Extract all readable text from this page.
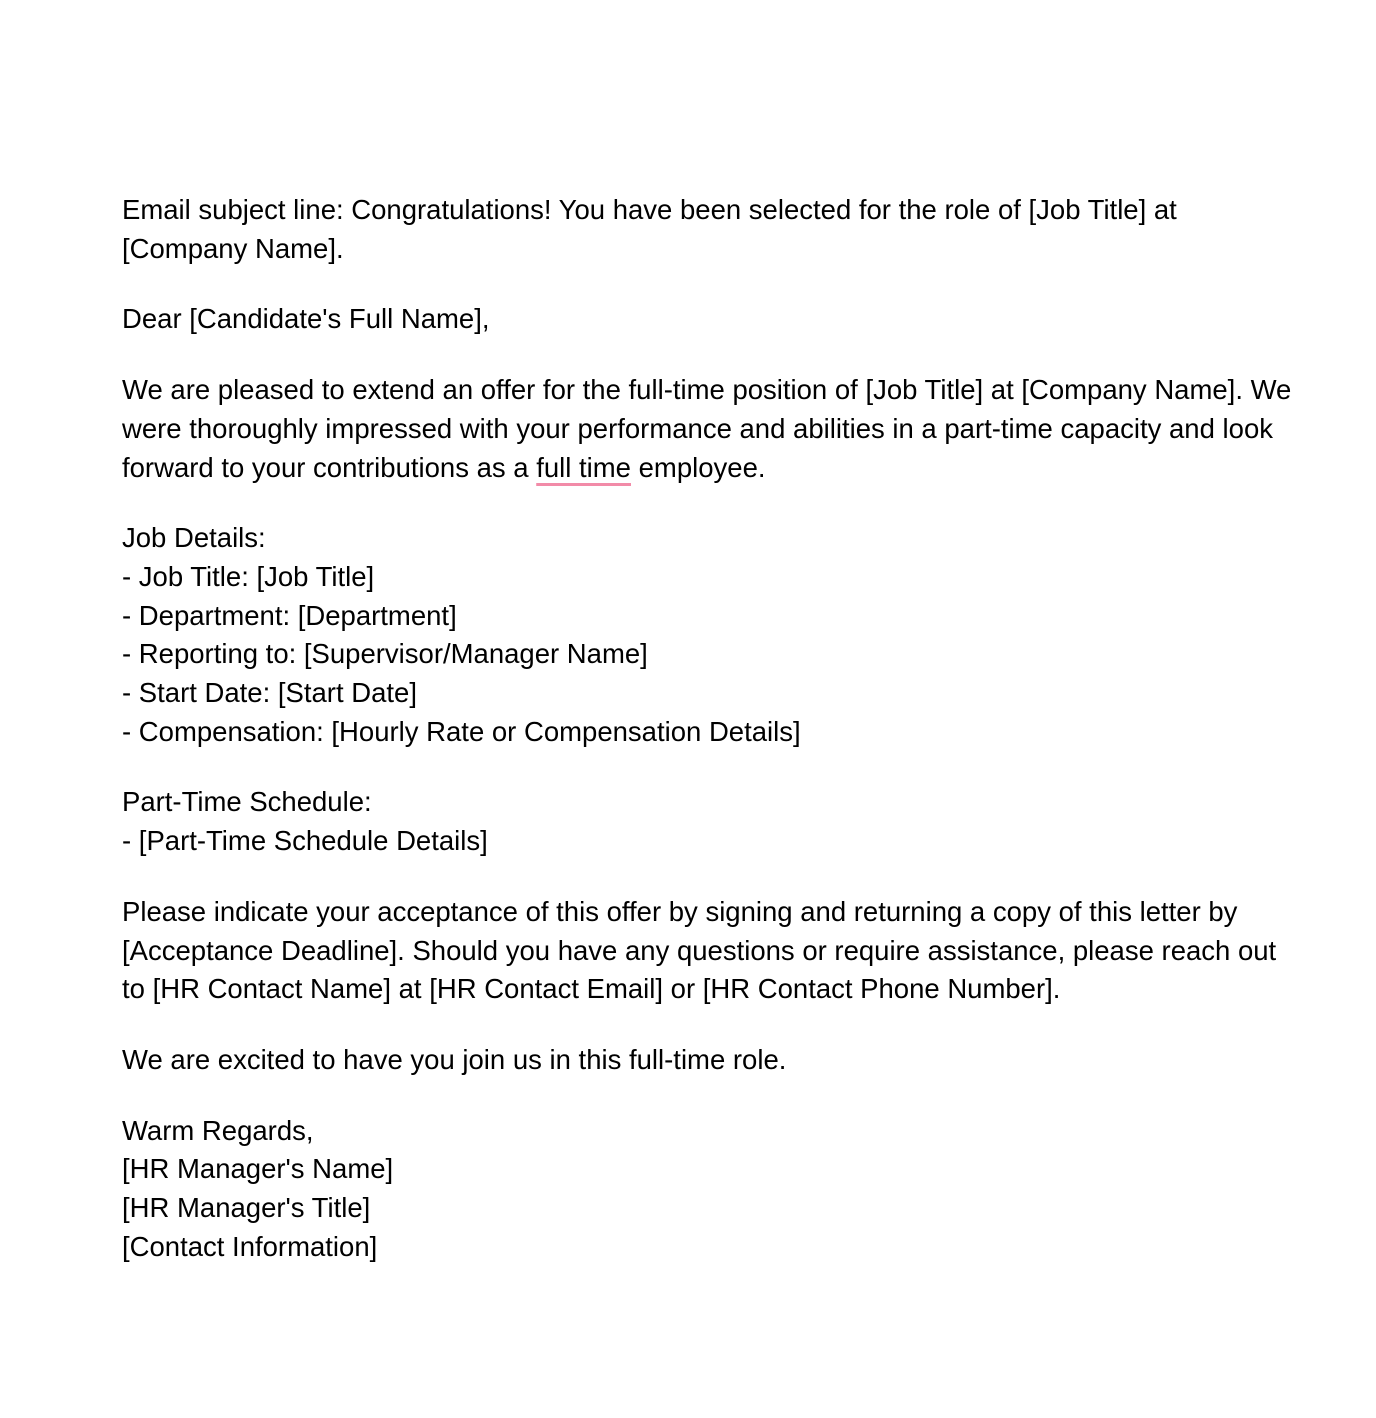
Email subject line: Congratulations! You have been selected for the role of [Job Title] at
[Company Name].

Dear [Candidate's Full Name],

We are pleased to extend an offer for the full-time position of [Job Title] at [Company Name]. We
were thoroughly impressed with your performance and abilities in a part-time capacity and look
forward to your contributions as a full time employee.

Job Details:
- Job Title: [Job Title]
- Department: [Department]
- Reporting to: [Supervisor/Manager Name]
- Start Date: [Start Date]
- Compensation: [Hourly Rate or Compensation Details]

Part-Time Schedule:
- [Part-Time Schedule Details]

Please indicate your acceptance of this offer by signing and returning a copy of this letter by
[Acceptance Deadline]. Should you have any questions or require assistance, please reach out
to [HR Contact Name] at [HR Contact Email] or [HR Contact Phone Number].

We are excited to have you join us in this full-time role.

Warm Regards,
[HR Manager's Name]
[HR Manager's Title]
[Contact Information]
